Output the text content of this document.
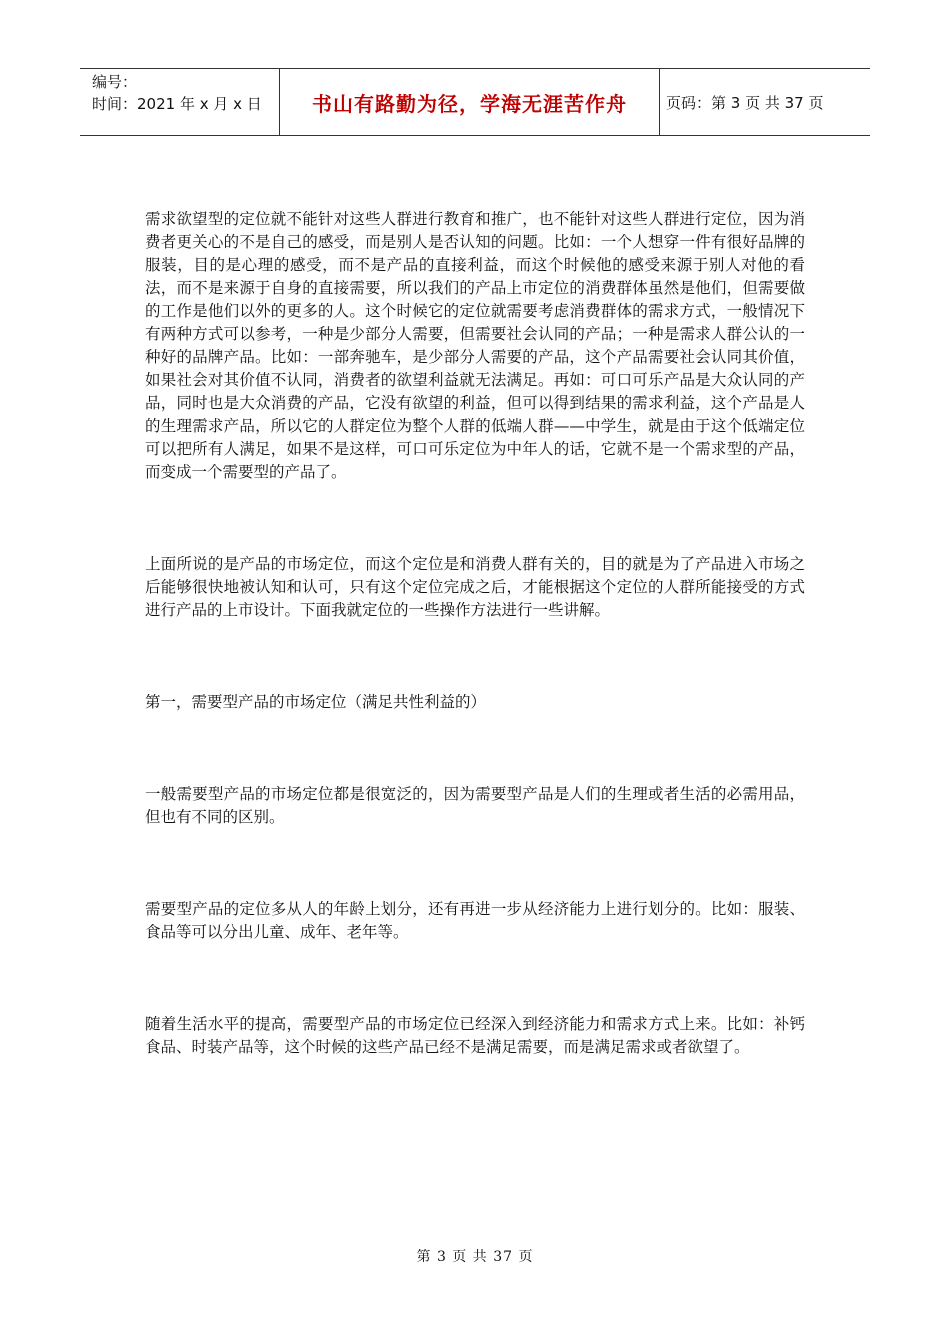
编号：
时间：2021 年 x 月 x 日	书山有路勤为径，学海无涯苦作舟	页码：第 3 页 共 37 页

需求欲望型的定位就不能针对这些人群进行教育和推广，也不能针对这些人群进行定位，因为消费者更关心的不是自己的感受，而是别人是否认知的问题。比如：一个人想穿一件有很好品牌的服装，目的是心理的感受，而不是产品的直接利益，而这个时候他的感受来源于别人对他的看法，而不是来源于自身的直接需要，所以我们的产品上市定位的消费群体虽然是他们，但需要做的工作是他们以外的更多的人。这个时候它的定位就需要考虑消费群体的需求方式，一般情况下有两种方式可以参考，一种是少部分人需要，但需要社会认同的产品；一种是需求人群公认的一种好的品牌产品。比如：一部奔驰车，是少部分人需要的产品，这个产品需要社会认同其价值，如果社会对其价值不认同，消费者的欲望利益就无法满足。再如：可口可乐产品是大众认同的产品，同时也是大众消费的产品，它没有欲望的利益，但可以得到结果的需求利益，这个产品是人的生理需求产品，所以它的人群定位为整个人群的低端人群——中学生，就是由于这个低端定位可以把所有人满足，如果不是这样，可口可乐定位为中年人的话，它就不是一个需求型的产品，而变成一个需要型的产品了。

上面所说的是产品的市场定位，而这个定位是和消费人群有关的，目的就是为了产品进入市场之后能够很快地被认知和认可，只有这个定位完成之后，才能根据这个定位的人群所能接受的方式进行产品的上市设计。下面我就定位的一些操作方法进行一些讲解。

第一，需要型产品的市场定位（满足共性利益的）

一般需要型产品的市场定位都是很宽泛的，因为需要型产品是人们的生理或者生活的必需用品，但也有不同的区别。

需要型产品的定位多从人的年龄上划分，还有再进一步从经济能力上进行划分的。比如：服装、食品等可以分出儿童、成年、老年等。

随着生活水平的提高，需要型产品的市场定位已经深入到经济能力和需求方式上来。比如：补钙食品、时装产品等，这个时候的这些产品已经不是满足需要，而是满足需求或者欲望了。

第 3 页 共 37 页
